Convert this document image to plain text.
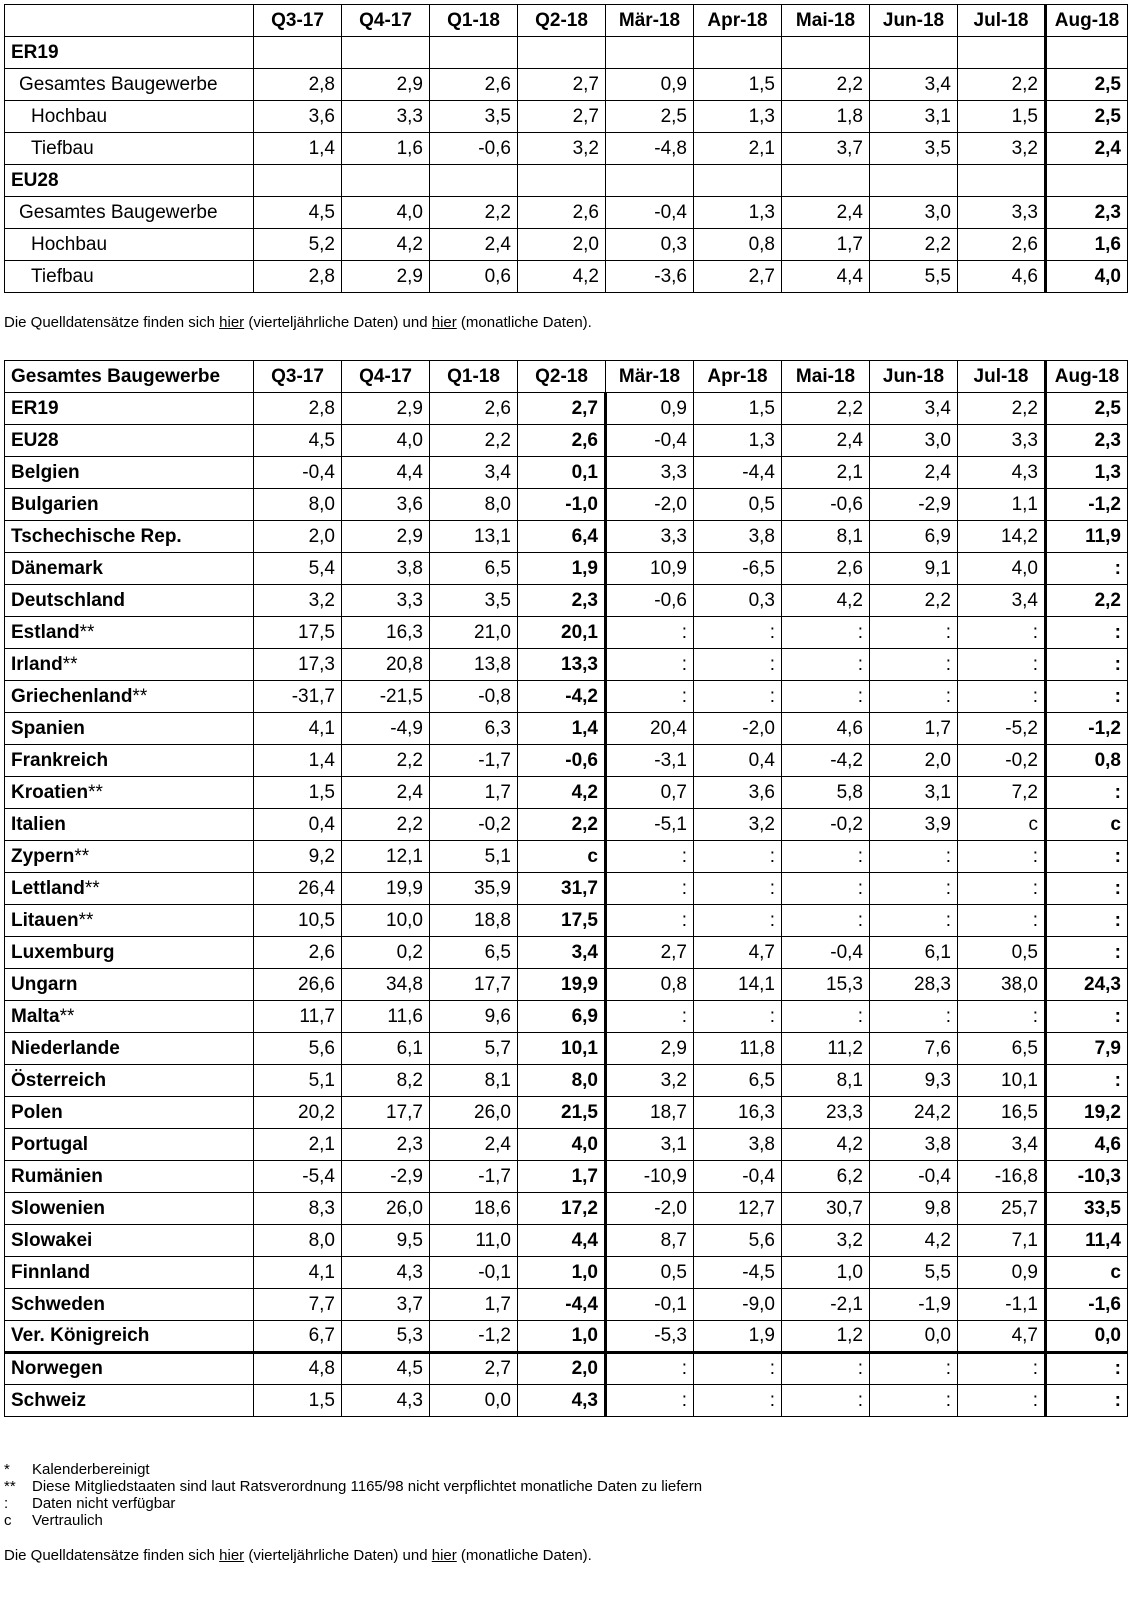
	Q3-17	Q4-17	Q1-18	Q2-18	Mär-18	Apr-18	Mai-18	Jun-18	Jul-18	Aug-18
ER19										
Gesamtes Baugewerbe	2,8	2,9	2,6	2,7	0,9	1,5	2,2	3,4	2,2	2,5
Hochbau	3,6	3,3	3,5	2,7	2,5	1,3	1,8	3,1	1,5	2,5
Tiefbau	1,4	1,6	-0,6	3,2	-4,8	2,1	3,7	3,5	3,2	2,4
EU28										
Gesamtes Baugewerbe	4,5	4,0	2,2	2,6	-0,4	1,3	2,4	3,0	3,3	2,3
Hochbau	5,2	4,2	2,4	2,0	0,3	0,8	1,7	2,2	2,6	1,6
Tiefbau	2,8	2,9	0,6	4,2	-3,6	2,7	4,4	5,5	4,6	4,0
Die Quelldatensätze finden sich hier (vierteljährliche Daten) und hier (monatliche Daten).
Gesamtes Baugewerbe	Q3-17	Q4-17	Q1-18	Q2-18	Mär-18	Apr-18	Mai-18	Jun-18	Jul-18	Aug-18
ER19	2,8	2,9	2,6	2,7	0,9	1,5	2,2	3,4	2,2	2,5
EU28	4,5	4,0	2,2	2,6	-0,4	1,3	2,4	3,0	3,3	2,3
Belgien	-0,4	4,4	3,4	0,1	3,3	-4,4	2,1	2,4	4,3	1,3
Bulgarien	8,0	3,6	8,0	-1,0	-2,0	0,5	-0,6	-2,9	1,1	-1,2
Tschechische Rep.	2,0	2,9	13,1	6,4	3,3	3,8	8,1	6,9	14,2	11,9
Dänemark	5,4	3,8	6,5	1,9	10,9	-6,5	2,6	9,1	4,0	:
Deutschland	3,2	3,3	3,5	2,3	-0,6	0,3	4,2	2,2	3,4	2,2
Estland**	17,5	16,3	21,0	20,1	:	:	:	:	:	:
Irland**	17,3	20,8	13,8	13,3	:	:	:	:	:	:
Griechenland**	-31,7	-21,5	-0,8	-4,2	:	:	:	:	:	:
Spanien	4,1	-4,9	6,3	1,4	20,4	-2,0	4,6	1,7	-5,2	-1,2
Frankreich	1,4	2,2	-1,7	-0,6	-3,1	0,4	-4,2	2,0	-0,2	0,8
Kroatien**	1,5	2,4	1,7	4,2	0,7	3,6	5,8	3,1	7,2	:
Italien	0,4	2,2	-0,2	2,2	-5,1	3,2	-0,2	3,9	c	c
Zypern**	9,2	12,1	5,1	c	:	:	:	:	:	:
Lettland**	26,4	19,9	35,9	31,7	:	:	:	:	:	:
Litauen**	10,5	10,0	18,8	17,5	:	:	:	:	:	:
Luxemburg	2,6	0,2	6,5	3,4	2,7	4,7	-0,4	6,1	0,5	:
Ungarn	26,6	34,8	17,7	19,9	0,8	14,1	15,3	28,3	38,0	24,3
Malta**	11,7	11,6	9,6	6,9	:	:	:	:	:	:
Niederlande	5,6	6,1	5,7	10,1	2,9	11,8	11,2	7,6	6,5	7,9
Österreich	5,1	8,2	8,1	8,0	3,2	6,5	8,1	9,3	10,1	:
Polen	20,2	17,7	26,0	21,5	18,7	16,3	23,3	24,2	16,5	19,2
Portugal	2,1	2,3	2,4	4,0	3,1	3,8	4,2	3,8	3,4	4,6
Rumänien	-5,4	-2,9	-1,7	1,7	-10,9	-0,4	6,2	-0,4	-16,8	-10,3
Slowenien	8,3	26,0	18,6	17,2	-2,0	12,7	30,7	9,8	25,7	33,5
Slowakei	8,0	9,5	11,0	4,4	8,7	5,6	3,2	4,2	7,1	11,4
Finnland	4,1	4,3	-0,1	1,0	0,5	-4,5	1,0	5,5	0,9	c
Schweden	7,7	3,7	1,7	-4,4	-0,1	-9,0	-2,1	-1,9	-1,1	-1,6
Ver. Königreich	6,7	5,3	-1,2	1,0	-5,3	1,9	1,2	0,0	4,7	0,0
Norwegen	4,8	4,5	2,7	2,0	:	:	:	:	:	:
Schweiz	1,5	4,3	0,0	4,3	:	:	:	:	:	:
* Kalenderbereinigt
** Diese Mitgliedstaaten sind laut Ratsverordnung 1165/98 nicht verpflichtet monatliche Daten zu liefern
: Daten nicht verfügbar
c Vertraulich
Die Quelldatensätze finden sich hier (vierteljährliche Daten) und hier (monatliche Daten).
